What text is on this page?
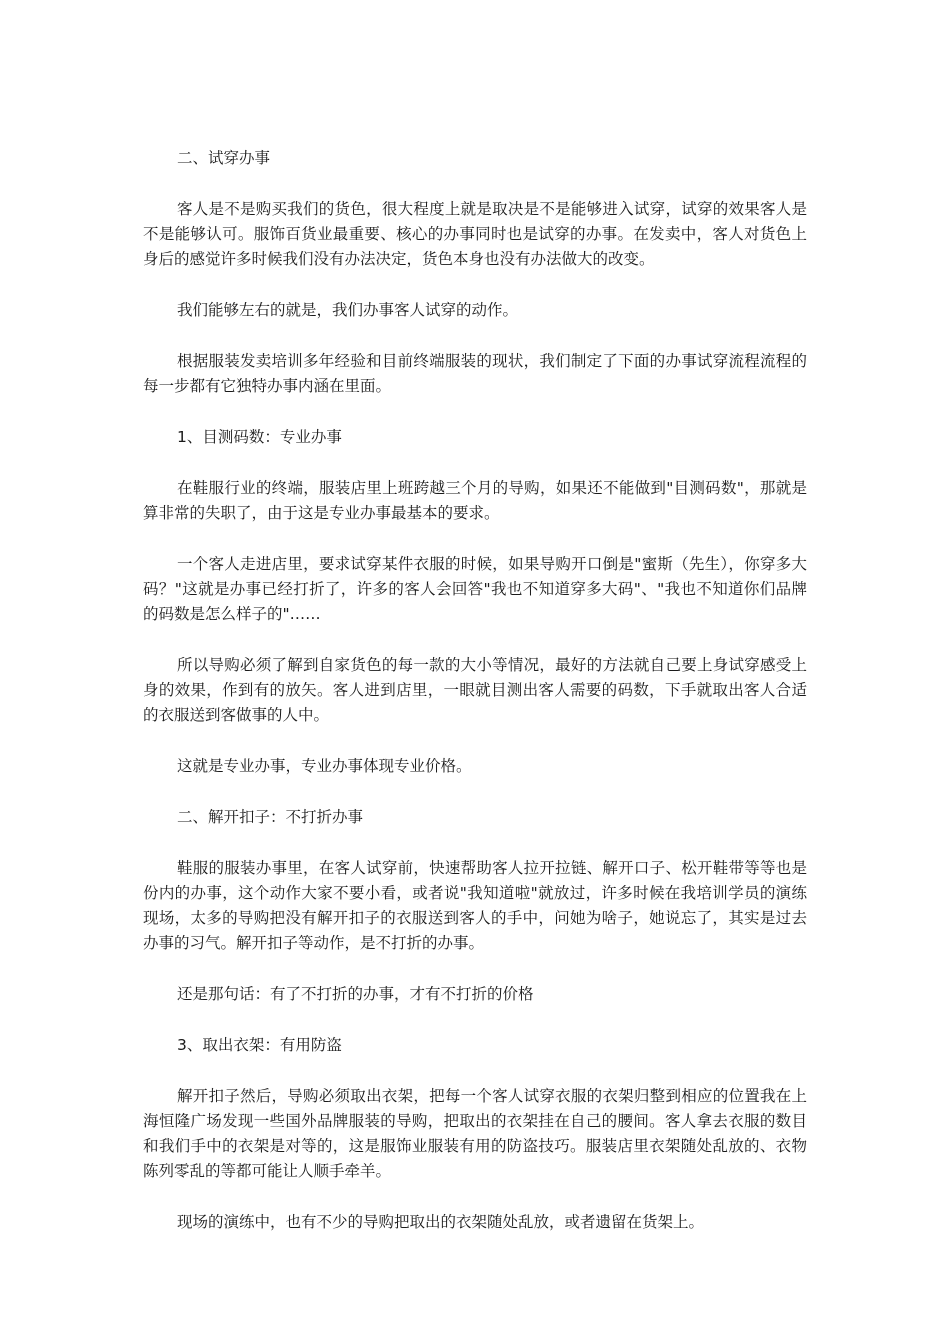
二、试穿办事

客人是不是购买我们的货色，很大程度上就是取决是不是能够进入试穿，试穿的效果客人是不是能够认可。服饰百货业最重要、核心的办事同时也是试穿的办事。在发卖中，客人对货色上身后的感觉许多时候我们没有办法决定，货色本身也没有办法做大的改变。

我们能够左右的就是，我们办事客人试穿的动作。

根据服装发卖培训多年经验和目前终端服装的现状，我们制定了下面的办事试穿流程流程的每一步都有它独特办事内涵在里面。

1、目测码数：专业办事

在鞋服行业的终端，服装店里上班跨越三个月的导购，如果还不能做到"目测码数"，那就是算非常的失职了，由于这是专业办事最基本的要求。

一个客人走进店里，要求试穿某件衣服的时候，如果导购开口倒是"蜜斯（先生），你穿多大码？"这就是办事已经打折了，许多的客人会回答"我也不知道穿多大码"、"我也不知道你们品牌的码数是怎么样子的"……

所以导购必须了解到自家货色的每一款的大小等情况，最好的方法就自己要上身试穿感受上身的效果，作到有的放矢。客人进到店里，一眼就目测出客人需要的码数，下手就取出客人合适的衣服送到客做事的人中。

这就是专业办事，专业办事体现专业价格。

二、解开扣子：不打折办事

鞋服的服装办事里，在客人试穿前，快速帮助客人拉开拉链、解开口子、松开鞋带等等也是份内的办事，这个动作大家不要小看，或者说"我知道啦"就放过，许多时候在我培训学员的演练现场，太多的导购把没有解开扣子的衣服送到客人的手中，问她为啥子，她说忘了，其实是过去办事的习气。解开扣子等动作，是不打折的办事。

还是那句话：有了不打折的办事，才有不打折的价格

3、取出衣架：有用防盗

解开扣子然后，导购必须取出衣架，把每一个客人试穿衣服的衣架归整到相应的位置我在上海恒隆广场发现一些国外品牌服装的导购，把取出的衣架挂在自己的腰间。客人拿去衣服的数目和我们手中的衣架是对等的，这是服饰业服装有用的防盗技巧。服装店里衣架随处乱放的、衣物陈列零乱的等都可能让人顺手牵羊。

现场的演练中，也有不少的导购把取出的衣架随处乱放，或者遗留在货架上。
